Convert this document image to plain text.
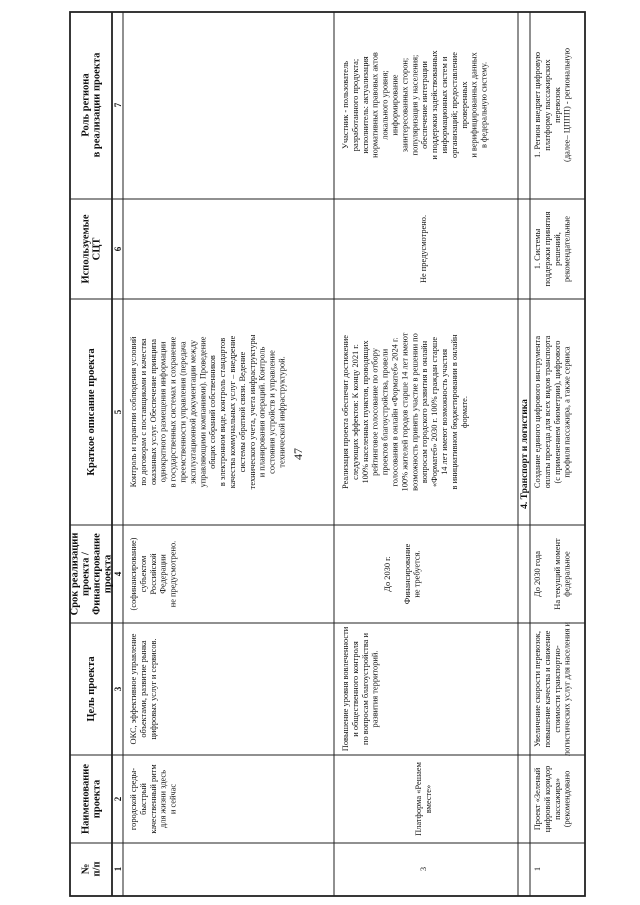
47
№ п/п
Наименование проекта
Цель проекта
Срок реализации проекта / Финансирование проекта
Краткое описание проекта
Используемые СЦТ
Роль региона в реализации проекта
1
2
3
4
5
6
7
4. Транспорт и логистика
городской среды- быстрый качественный ритм для жизни здесь и сейчас
ОКС, эффективное управление объектами, развитие рынка цифровых услуг и сервисов.
(софинансирование) субъектом Российской Федерации не предусмотрено.
Контроль и гарантии соблюдения условий по договорам с поставщиками и качества оказанных услуг. Обеспечение принципа однократного размещения информации в государственных системах и сохранение преемственности управления (передача эксплуатационной документации между управляющими компаниями). Проведение общих собраний собственников в электронном виде, контроль стандартов качества коммунальных услуг – внедрение системы обратной связи. Ведение технического учета, учета инфраструктуры и планирования операций. Контроль состояния устройств и управление технической инфраструктурой.
3
Платформа «Решаем вместе»
Повышение уровня вовлеченности и общественного контроля по вопросам благоустройства и развития территорий.
До 2030 г. Финансирование не требуется.
Реализация проекта обеспечит достижение следующих эффектов: К концу 2021 г. 100% населенных пунктов, проводящих рейтинговое голосование по отбору проектов благоустройства, провели голосования в онлайн «Форматеб» 2024 г. 100% жителей городов старше 14 лет имеют возможность принять участие в решении по вопросам городского развития в онлайн «Форматеб» 2030 г. 100% граждан старше 14 лет имеют возможность участия в инициативном бюджетировании в онлайн формате.
Не предусмотрено.
Участник - пользователь разработанного продукта; исполнитель: актуализация нормативных правовых актов локального уровня; информирование заинтересованных сторон; популяризация у населения; обеспечение интеграции и поддержки задействованных информационных систем и организаций; предоставление проверенных и верифицированных данных в федеральную систему.
1
Проект «Зеленый цифровой коридор пассажира» (рекомендовано
Увеличение скорости перевозок, повышение качества и снижение стоимости транспортно- логистических услуг для населения и
До 2030 года На текущий момент федеральное
Создание единого цифрового инструмента оплаты проезда для всех видов транспорта (с применением биометрии), цифрового профиля пассажира, а также сервиса
1. Системы поддержки принятия решений, рекомендательные
1. Регион внедряет цифровую платформу пассажирских перевозок (далее– ЦППП) - региональную
